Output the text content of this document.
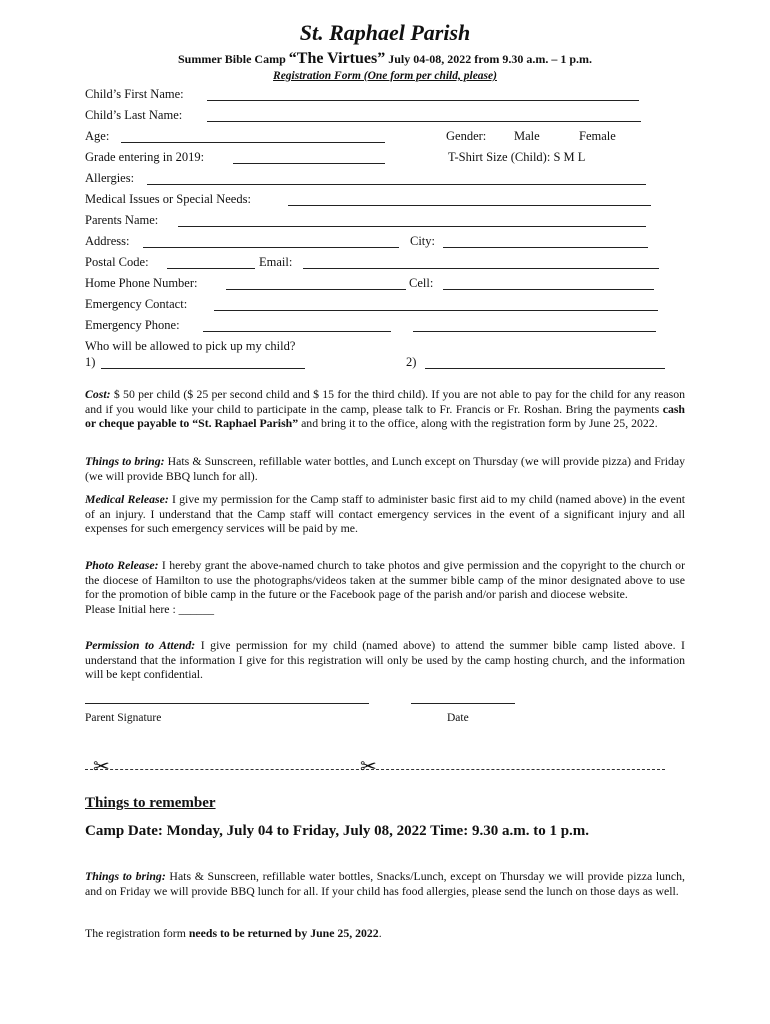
St. Raphael Parish
Summer Bible Camp “The Virtues” July 04-08, 2022 from 9.30 a.m. – 1 p.m.
Registration Form (One form per child, please)
Child’s First Name:
Child’s Last Name:
Age:	Gender: Male	Female
Grade entering in 2019:	T-Shirt Size (Child): S M L
Allergies:
Medical Issues or Special Needs:
Parents Name:
Address:	City:
Postal Code:	Email:
Home Phone Number:	Cell:
Emergency Contact:
Emergency Phone:
Who will be allowed to pick up my child?
1)	2)
Cost: $ 50 per child ($ 25 per second child and $ 15 for the third child). If you are not able to pay for the child for any reason and if you would like your child to participate in the camp, please talk to Fr. Francis or Fr. Roshan. Bring the payments cash or cheque payable to “St. Raphael Parish” and bring it to the office, along with the registration form by June 25, 2022.
Things to bring: Hats & Sunscreen, refillable water bottles, and Lunch except on Thursday (we will provide pizza) and Friday (we will provide BBQ lunch for all).
Medical Release: I give my permission for the Camp staff to administer basic first aid to my child (named above) in the event of an injury. I understand that the Camp staff will contact emergency services in the event of a significant injury and all expenses for such emergency services will be paid by me.
Photo Release: I hereby grant the above-named church to take photos and give permission and the copyright to the church or the diocese of Hamilton to use the photographs/videos taken at the summer bible camp of the minor designated above to use for the promotion of bible camp in the future or the Facebook page of the parish and/or parish and diocese website.
Please Initial here : ______
Permission to Attend: I give permission for my child (named above) to attend the summer bible camp listed above. I understand that the information I give for this registration will only be used by the camp hosting church, and the information will be kept confidential.
Parent Signature	Date
✂	✂
Things to remember
Camp Date: Monday, July 04 to Friday, July 08, 2022 Time: 9.30 a.m. to 1 p.m.
Things to bring: Hats & Sunscreen, refillable water bottles, Snacks/Lunch, except on Thursday we will provide pizza lunch, and on Friday we will provide BBQ lunch for all. If your child has food allergies, please send the lunch on those days as well.
The registration form needs to be returned by June 25, 2022.
